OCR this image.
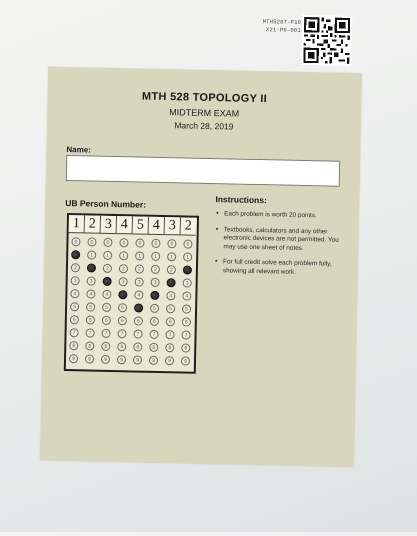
MTH528T-F19
X21-P0-001
MTH 528 TOPOLOGY II
MIDTERM EXAM
March 28, 2019
Name:
UB Person Number:
1
0
2
3
4
5
6
7
8
9
2
0
1
3
4
5
6
7
8
9
3
0
1
2
4
5
6
7
8
9
4
0
1
2
3
5
6
7
8
9
5
0
1
2
3
4
6
7
8
9
4
0
1
2
3
5
6
7
8
9
3
0
1
2
4
5
6
7
8
9
2
0
1
3
4
5
6
7
8
9
Instructions:
• Each problem is worth 20 points.
• Textbooks, calculators and any other electronic devices are not permitted. You may use one sheet of notes.
• For full credit solve each problem fully, showing all relevant work.
